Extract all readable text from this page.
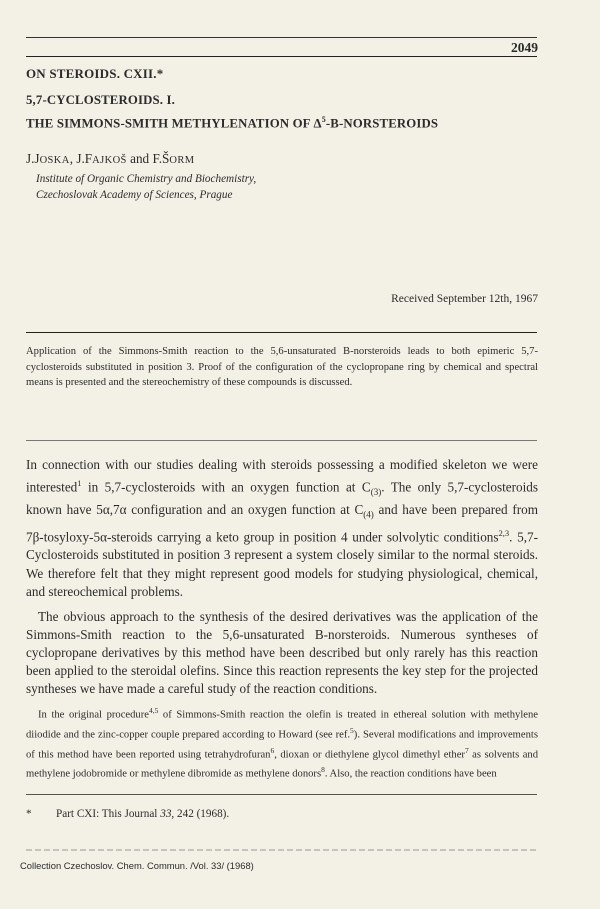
2049
ON STEROIDS. CXII.*
5,7-CYCLOSTEROIDS. I.
THE SIMMONS-SMITH METHYLENATION OF $\Delta^5-B$-NORSTEROIDS
J.JOSKA, J.FAJKOŠ and F.ŠORM
Institute of Organic Chemistry and Biochemistry,
Czechoslovak Academy of Sciences, Prague
Received September 12th, 1967
Application of the Simmons-Smith reaction to the 5,6-unsaturated B-norsteroids leads to both epimeric 5,7-cyclosteroids substituted in position 3. Proof of the configuration of the cyclopropane ring by chemical and spectral means is presented and the stereochemistry of these compounds is discussed.

In connection with our studies dealing with steroids possessing a modified skeleton we were interested$^1$ in 5,7-cyclosteroids with an oxygen function at $C_{(3)}$. The only 5,7-cyclosteroids known have 5α,7α configuration and an oxygen function at $C_{(4)}$ and have been prepared from 7β-tosyloxy-5α-steroids carrying a keto group in position 4 under solvolytic conditions$^{2,3}$. 5,7-Cyclosteroids substituted in position 3 represent a system closely similar to the normal steroids. We therefore felt that they might represent good models for studying physiological, chemical, and stereochemical problems.

The obvious approach to the synthesis of the desired derivatives was the application of the Simmons-Smith reaction to the 5,6-unsaturated B-norsteroids. Numerous syntheses of cyclopropane derivatives by this method have been described but only rarely has this reaction been applied to the steroidal olefins. Since this reaction represents the key step for the projected syntheses we have made a careful study of the reaction conditions.

In the original procedure$^{4,5}$ of Simmons-Smith reaction the olefin is treated in ethereal solution with methylene diiodide and the zinc-copper couple prepared according to Howard (see ref.$^5$). Several modifications and improvements of this method have been reported using tetrahydrofuran$^6$, dioxan or diethylene glycol dimethyl ether$^7$ as solvents and methylene jodobromide or methylene dibromide as methylene donors$^8$. Also, the reaction conditions have been
* Part CXI: This Journal 33, 242 (1968).
Collection Czechoslov. Chem. Commun. /Vol. 33/ (1968)
